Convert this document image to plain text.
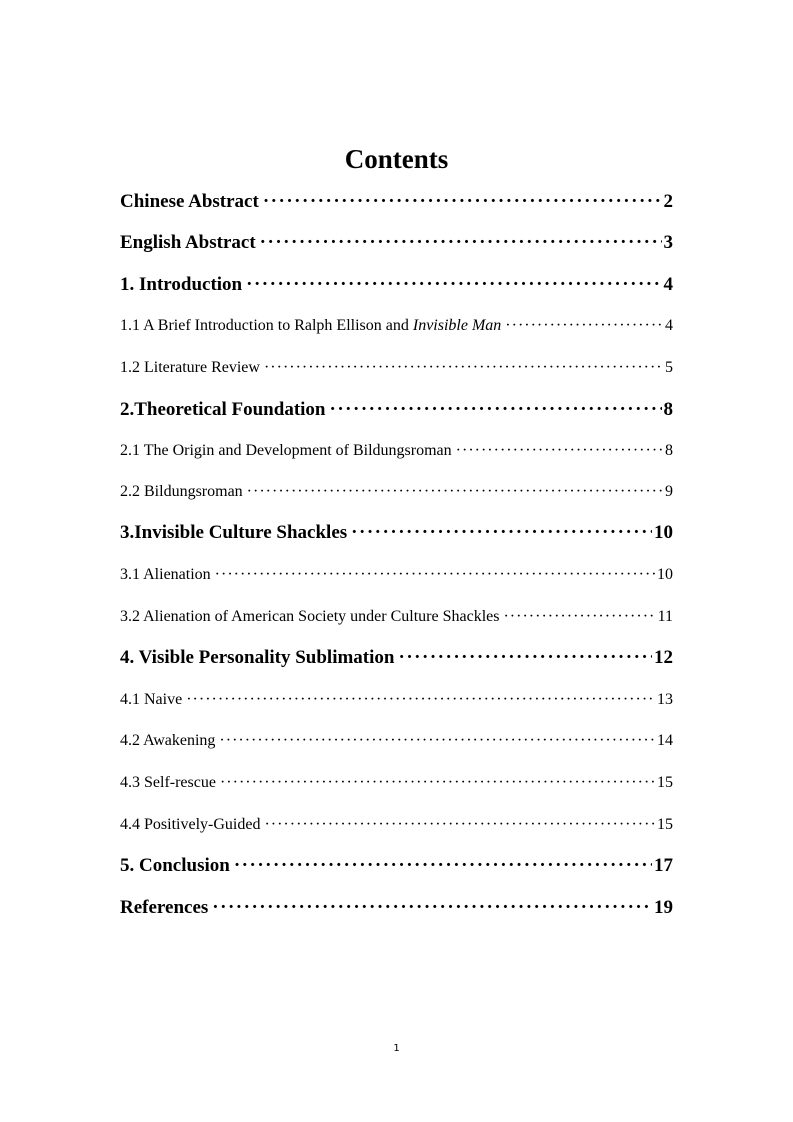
Contents
Chinese Abstract ·····	2
English Abstract ·····	3
1. Introduction ·····	4
1.1 A Brief Introduction to Ralph Ellison and Invisible Man ·····	4
1.2 Literature Review ·····	5
2.Theoretical Foundation ·····	8
2.1 The Origin and Development of Bildungsroman ·····	8
2.2 Bildungsroman ·····	9
3.Invisible Culture Shackles ·····	10
3.1 Alienation ·····	10
3.2 Alienation of American Society under Culture Shackles ·····	11
4. Visible Personality Sublimation ·····	12
4.1 Naive ·····	13
4.2 Awakening ·····	14
4.3 Self-rescue ·····	15
4.4 Positively-Guided ·····	15
5. Conclusion ·····	17
References ·····	19
1
